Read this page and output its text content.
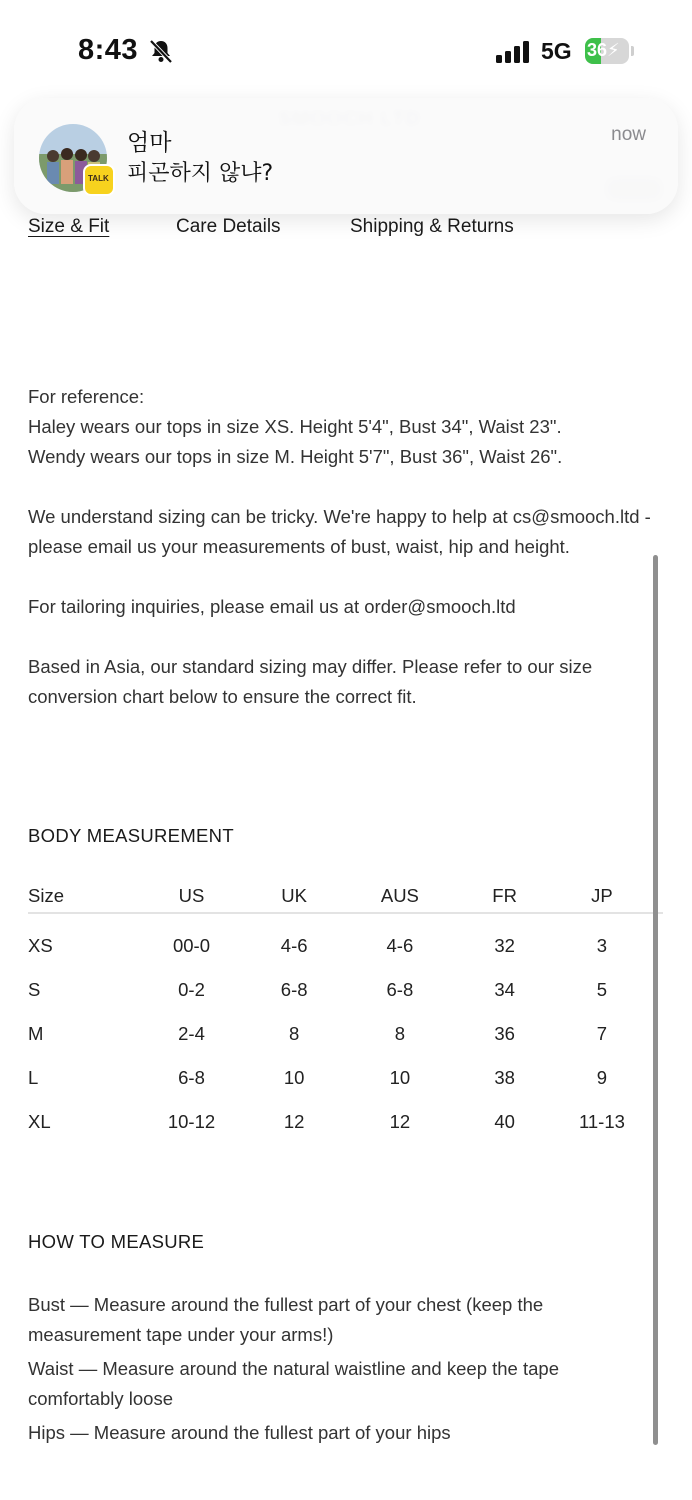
8:43	5G 36⚡
TALK
엄마
피곤하지 않냐?
now
Size & Fit	Care Details	Shipping & Returns

For reference:

Haley wears our tops in size XS. Height 5'4", Bust 34", Waist 23".

Wendy wears our tops in size M. Height 5'7", Bust 36", Waist 26".

We understand sizing can be tricky. We're happy to help at cs@smooch.ltd - please email us your measurements of bust, waist, hip and height.

For tailoring inquiries, please email us at order@smooch.ltd

Based in Asia, our standard sizing may differ. Please refer to our size conversion chart below to ensure the correct fit.

BODY MEASUREMENT
Size	US	UK	AUS	FR	JP
XS	00-0	4-6	4-6	32	3
S	0-2	6-8	6-8	34	5
M	2-4	8	8	36	7
L	6-8	10	10	38	9
XL	10-12	12	12	40	11-13
HOW TO MEASURE

Bust — Measure around the fullest part of your chest (keep the measurement tape under your arms!)

Waist — Measure around the natural waistline and keep the tape comfortably loose

Hips — Measure around the fullest part of your hips
